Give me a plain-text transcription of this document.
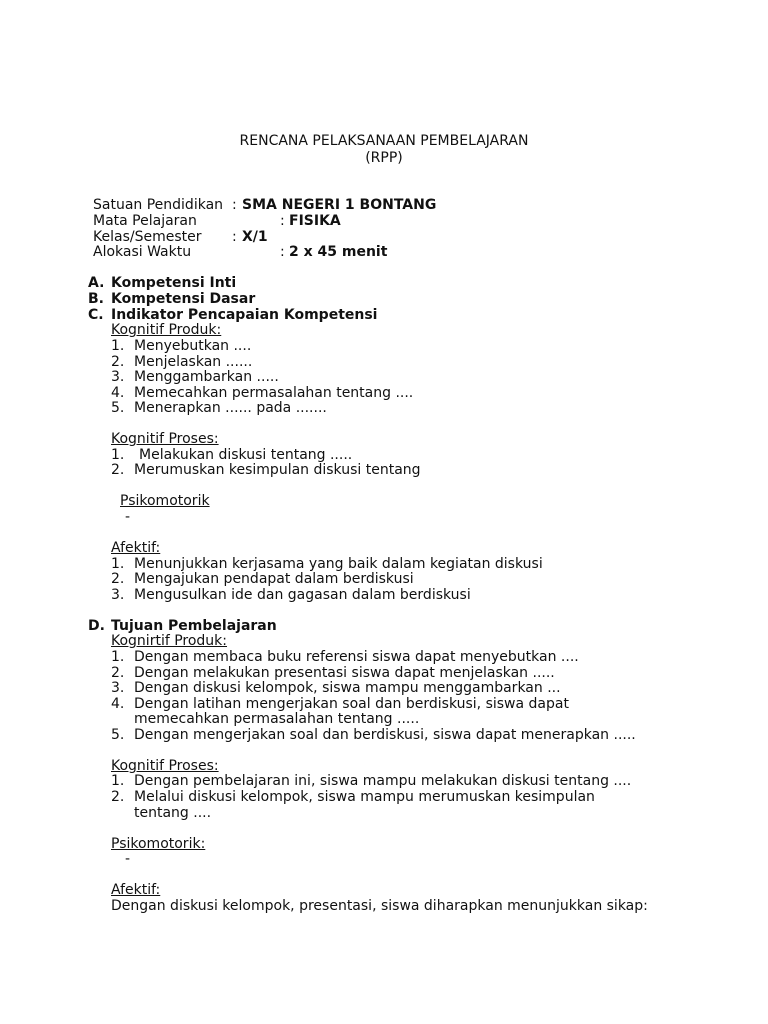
RENCANA PELAKSANAAN PEMBELAJARAN
(RPP)
Satuan Pendidikan : SMA NEGERI 1 BONTANG
Mata Pelajaran	: FISIKA
Kelas/Semester : X/1
Alokasi Waktu	: 2 x 45 menit
A. Kompetensi Inti
B. Kompetensi Dasar
C. Indikator Pencapaian Kompetensi
Kognitif Produk:
1. Menyebutkan ....
2. Menjelaskan ......
3. Menggambarkan .....
4. Memecahkan permasalahan tentang ....
5. Menerapkan ...... pada .......
Kognitif Proses:
1. Melakukan diskusi tentang .....
2. Merumuskan kesimpulan diskusi tentang
Psikomotorik
-
Afektif:
1. Menunjukkan kerjasama yang baik dalam kegiatan diskusi
2. Mengajukan pendapat dalam berdiskusi
3. Mengusulkan ide dan gagasan dalam berdiskusi
D. Tujuan Pembelajaran
Kognirtif Produk:
1. Dengan membaca buku referensi siswa dapat menyebutkan ....
2. Dengan melakukan presentasi siswa dapat menjelaskan .....
3. Dengan diskusi kelompok, siswa mampu menggambarkan ...
4. Dengan latihan mengerjakan soal dan berdiskusi, siswa dapat
memecahkan permasalahan tentang .....
5. Dengan mengerjakan soal dan berdiskusi, siswa dapat menerapkan .....
Kognitif Proses:
1. Dengan pembelajaran ini, siswa mampu melakukan diskusi tentang ....
2. Melalui diskusi kelompok, siswa mampu merumuskan kesimpulan
tentang ....
Psikomotorik:
-
Afektif:
Dengan diskusi kelompok, presentasi, siswa diharapkan menunjukkan sikap:
